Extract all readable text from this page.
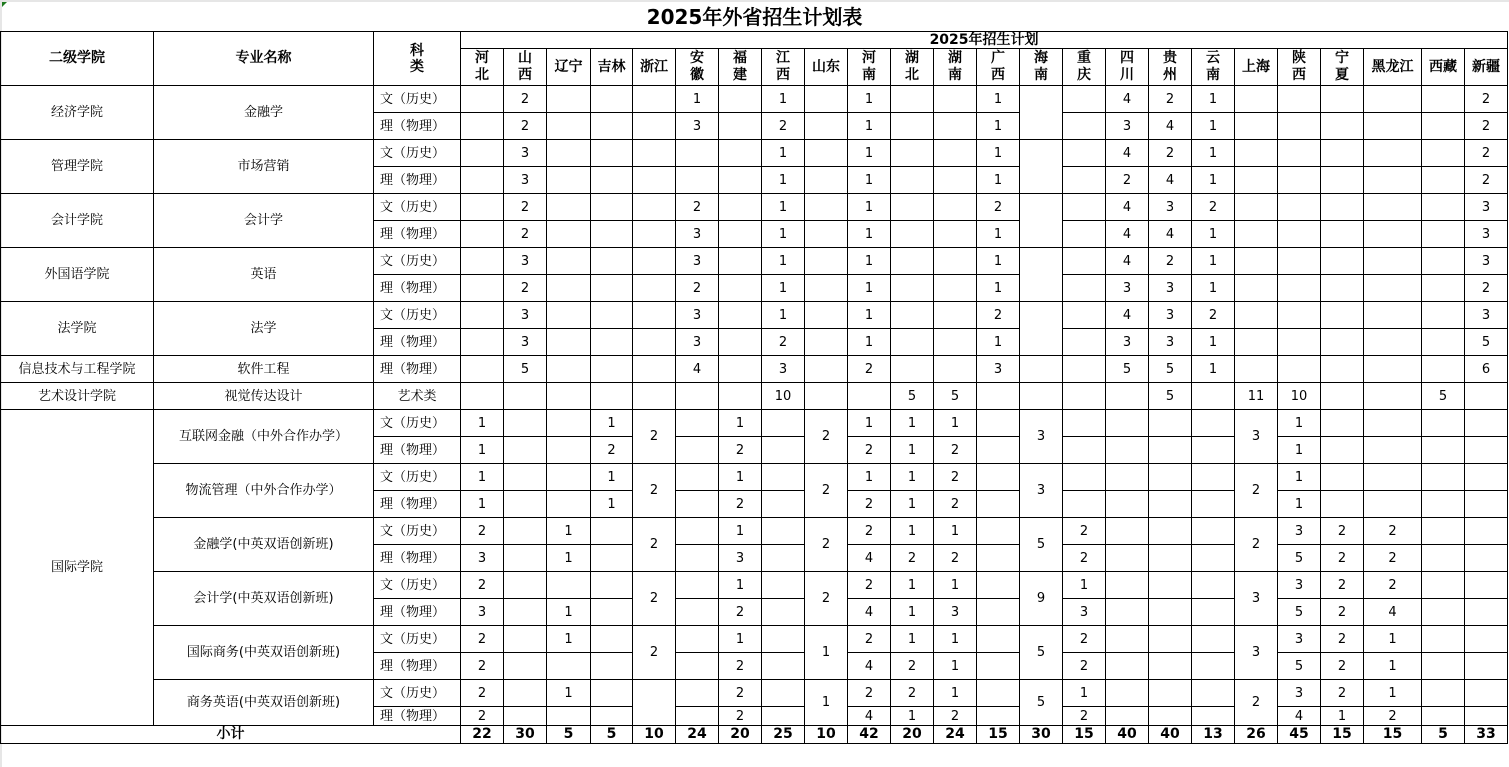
2025年外省招生计划表
二级学院	专业名称	科类	2025年招生计划																							
			河北	山西	辽宁	吉林	浙江	安徽	福建	江西	山东	河南	湖北	湖南	广西	海南	重庆	四川	贵州	云南	上海	陕西	宁夏	黑龙江	西藏	新疆
经济学院	金融学	文（历史）		2				1		1		1			1			4	2	1						2
		理（物理）		2				3		2		1			1			3	4	1						2
管理学院	市场营销	文（历史）		3						1		1			1			4	2	1						2
		理（物理）		3						1		1			1			2	4	1						2
会计学院	会计学	文（历史）		2				2		1		1			2			4	3	2						3
		理（物理）		2				3		1		1			1			4	4	1						3
外国语学院	英语	文（历史）		3				3		1		1			1			4	2	1						3
		理（物理）		2				2		1		1			1			3	3	1						2
法学院	法学	文（历史）		3				3		1		1			2			4	3	2						3
		理（物理）		3				3		2		1			1			3	3	1						5
信息技术与工程学院	软件工程	理（物理）		5				4		3		2			3			5	5	1						6
艺术设计学院	视觉传达设计	艺术类								10			5	5					5		11	10			5	
国际学院	互联网金融（中外合作办学）	文（历史）	1			1	2		1		2	1	1	1		3					3	1				
		理（物理）	1			2			2			2	1	2								1				
	物流管理（中外合作办学）	文（历史）	1			1	2		1		2	1	1	2		3					2	1				
		理（物理）	1			1			2			2	1	2								1				
	金融学(中英双语创新班)	文（历史）	2		1		2		1		2	2	1	1		5	2				2	3	2	2		
		理（物理）	3		1				3			4	2	2			2					5	2	2		
	会计学(中英双语创新班)	文（历史）	2				2		1		2	2	1	1		9	1				3	3	2	2		
		理（物理）	3		1				2			4	1	3			3					5	2	4		
	国际商务(中英双语创新班)	文（历史）	2		1		2		1		1	2	1	1		5	2				3	3	2	1		
		理（物理）	2						2			4	2	1			2					5	2	1		
	商务英语(中英双语创新班)	文（历史）	2		1				2		1	2	2	1		5	1				2	3	2	1		
		理（物理）	2						2			4	1	2			2					4	1	2		
小计			22	30	5	5	10	24	20	25	10	42	20	24	15	30	15	40	40	13	26	45	15	15	5	33
